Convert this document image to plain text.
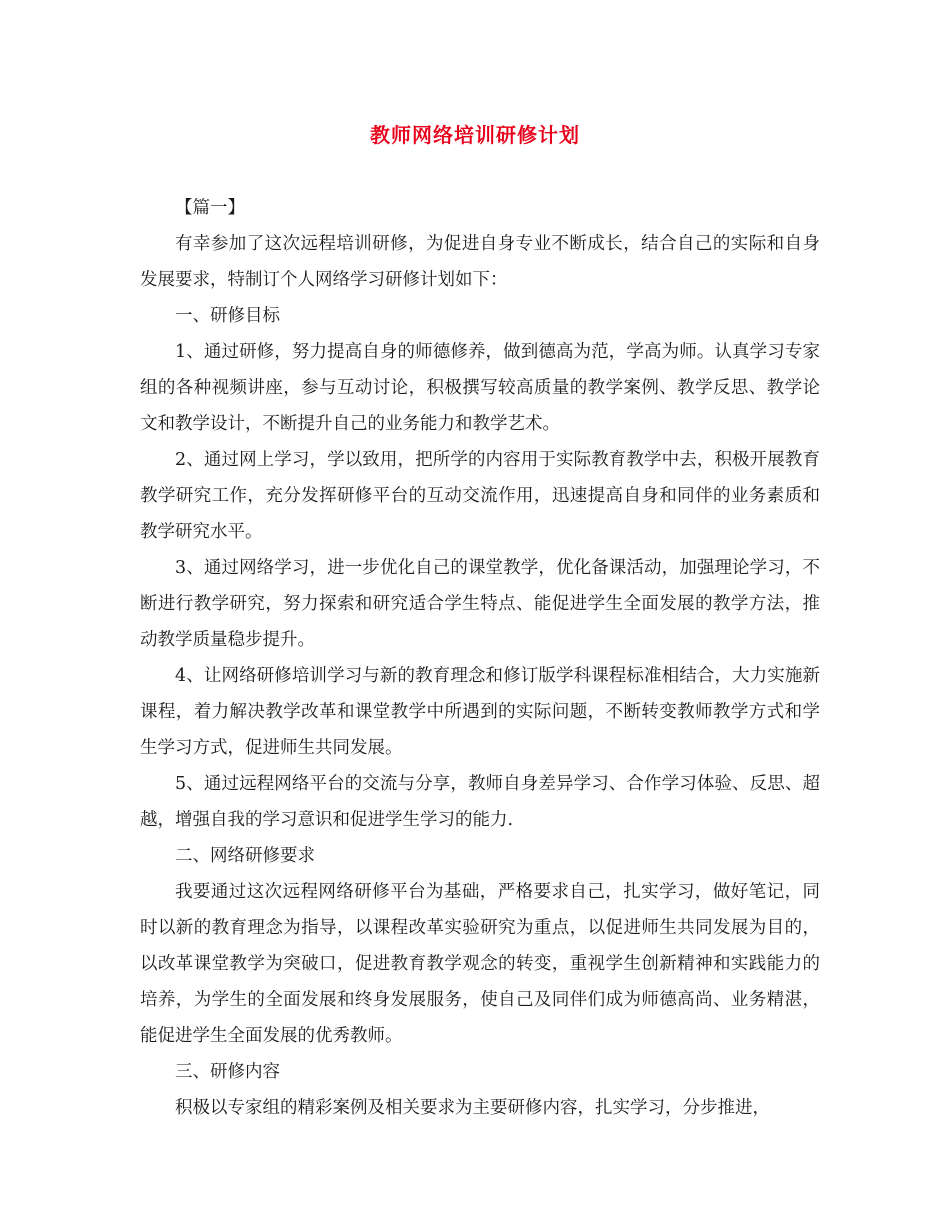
教师网络培训研修计划

【篇一】

有幸参加了这次远程培训研修，为促进自身专业不断成长，结合自己的实际和自身发展要求，特制订个人网络学习研修计划如下：

一、研修目标

1、通过研修，努力提高自身的师德修养，做到德高为范，学高为师。认真学习专家组的各种视频讲座，参与互动讨论，积极撰写较高质量的教学案例、教学反思、教学论文和教学设计，不断提升自己的业务能力和教学艺术。

2、通过网上学习，学以致用，把所学的内容用于实际教育教学中去，积极开展教育教学研究工作，充分发挥研修平台的互动交流作用，迅速提高自身和同伴的业务素质和教学研究水平。

3、通过网络学习，进一步优化自己的课堂教学，优化备课活动，加强理论学习，不断进行教学研究，努力探索和研究适合学生特点、能促进学生全面发展的教学方法，推动教学质量稳步提升。

4、让网络研修培训学习与新的教育理念和修订版学科课程标准相结合，大力实施新课程，着力解决教学改革和课堂教学中所遇到的实际问题，不断转变教师教学方式和学生学习方式，促进师生共同发展。

5、通过远程网络平台的交流与分享，教师自身差异学习、合作学习体验、反思、超越，增强自我的学习意识和促进学生学习的能力.

二、网络研修要求

我要通过这次远程网络研修平台为基础，严格要求自己，扎实学习，做好笔记，同时以新的教育理念为指导，以课程改革实验研究为重点，以促进师生共同发展为目的，以改革课堂教学为突破口，促进教育教学观念的转变，重视学生创新精神和实践能力的培养，为学生的全面发展和终身发展服务，使自己及同伴们成为师德高尚、业务精湛，能促进学生全面发展的优秀教师。

三、研修内容

积极以专家组的精彩案例及相关要求为主要研修内容，扎实学习，分步推进，
